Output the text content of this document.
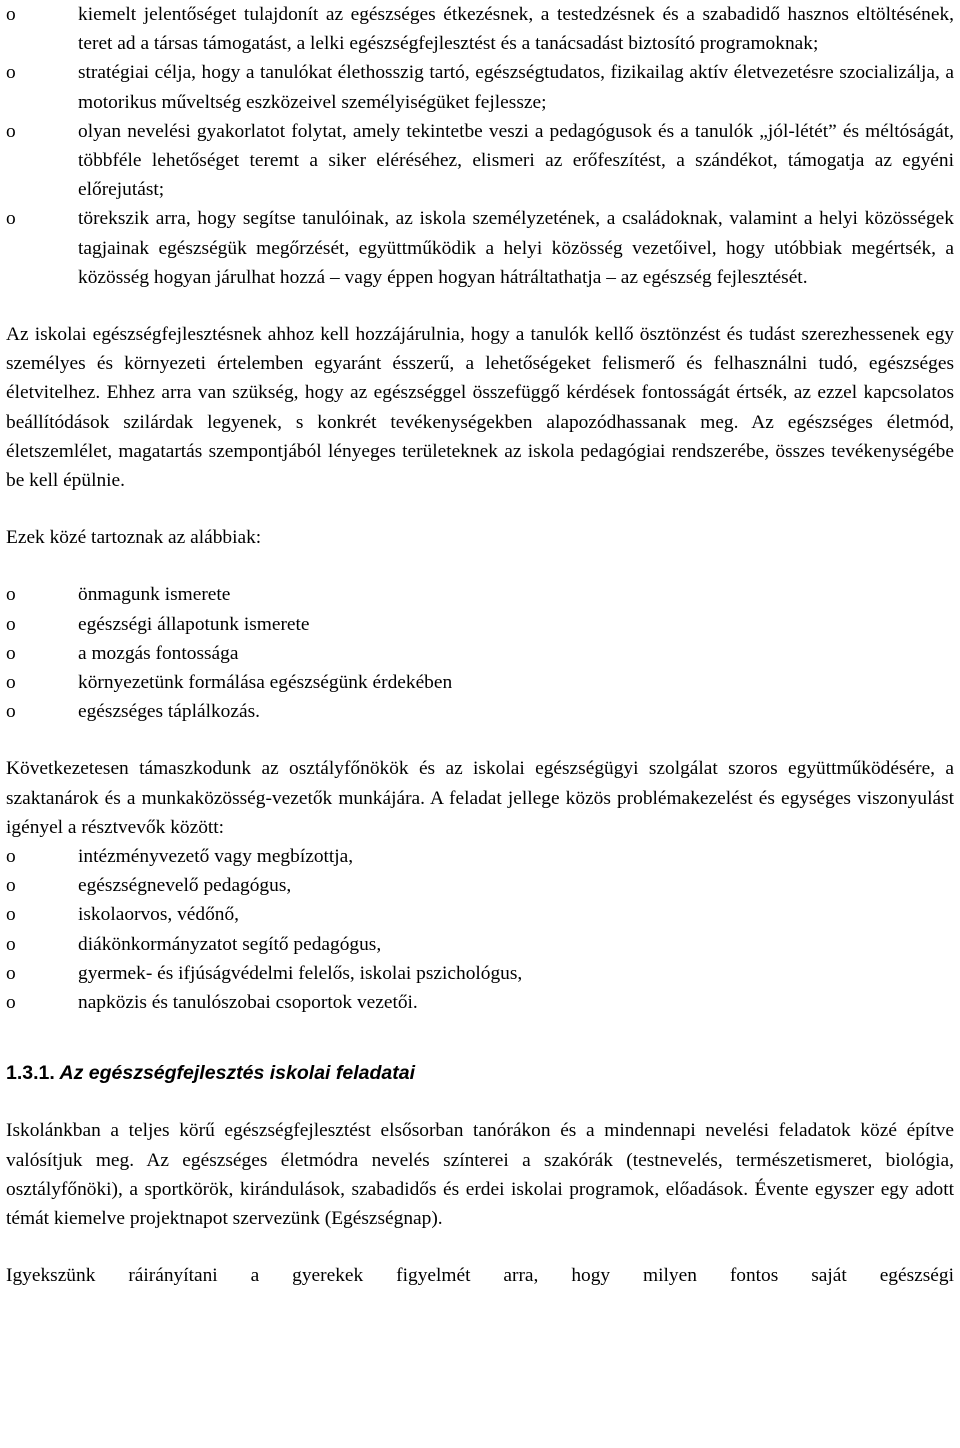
o	kiemelt jelentőséget tulajdonít az egészséges étkezésnek, a testedzésnek és a szabadidő hasznos eltöltésének, teret ad a társas támogatást, a lelki egészségfejlesztést és a tanácsadást biztosító programoknak;
o	stratégiai célja, hogy a tanulókat élethosszig tartó, egészségtudatos, fizikailag aktív életvezetésre szocializálja, a motorikus műveltség eszközeivel személyiségüket fejlessze;
o	olyan nevelési gyakorlatot folytat, amely tekintetbe veszi a pedagógusok és a tanulók „jól-létét” és méltóságát, többféle lehetőséget teremt a siker eléréséhez, elismeri az erőfeszítést, a szándékot, támogatja az egyéni előrejutást;
o	törekszik arra, hogy segítse tanulóinak, az iskola személyzetének, a családoknak, valamint a helyi közösségek tagjainak egészségük megőrzését, együttműködik a helyi közösség vezetőivel, hogy utóbbiak megértsék, a közösség hogyan járulhat hozzá – vagy éppen hogyan hátráltathatja – az egészség fejlesztését.

Az iskolai egészségfejlesztésnek ahhoz kell hozzájárulnia, hogy a tanulók kellő ösztönzést és tudást szerezhessenek egy személyes és környezeti értelemben egyaránt ésszerű, a lehetőségeket felismerő és felhasználni tudó, egészséges életvitelhez. Ehhez arra van szükség, hogy az egészséggel összefüggő kérdések fontosságát értsék, az ezzel kapcsolatos beállítódások szilárdak legyenek, s konkrét tevékenységekben alapozódhassanak meg. Az egészséges életmód, életszemlélet, magatartás szempontjából lényeges területeknek az iskola pedagógiai rendszerébe, összes tevékenységébe be kell épülnie.

Ezek közé tartoznak az alábbiak:

o	önmagunk ismerete
o	egészségi állapotunk ismerete
o	a mozgás fontossága
o	környezetünk formálása egészségünk érdekében
o	egészséges táplálkozás.

Következetesen támaszkodunk az osztályfőnökök és az iskolai egészségügyi szolgálat szoros együttműködésére, a szaktanárok és a munkaközösség-vezetők munkájára. A feladat jellege közös problémakezelést és egységes viszonyulást igényel a résztvevők között:

o	intézményvezető vagy megbízottja,
o	egészségnevelő pedagógus,
o	iskolaorvos, védőnő,
o	diákönkormányzatot segítő pedagógus,
o	gyermek- és ifjúságvédelmi felelős, iskolai pszichológus,
o	napközis és tanulószobai csoportok vezetői.
1.3.1. Az egészségfejlesztés iskolai feladatai

Iskolánkban a teljes körű egészségfejlesztést elsősorban tanórákon és a mindennapi nevelési feladatok közé építve valósítjuk meg. Az egészséges életmódra nevelés színterei a szakórák (testnevelés, természetismeret, biológia, osztályfőnöki), a sportkörök, kirándulások, szabadidős és erdei iskolai programok, előadások. Évente egyszer egy adott témát kiemelve projektnapot szervezünk (Egészségnap).

Igyekszünk ráirányítani a gyerekek figyelmét arra, hogy milyen fontos saját egészségi
